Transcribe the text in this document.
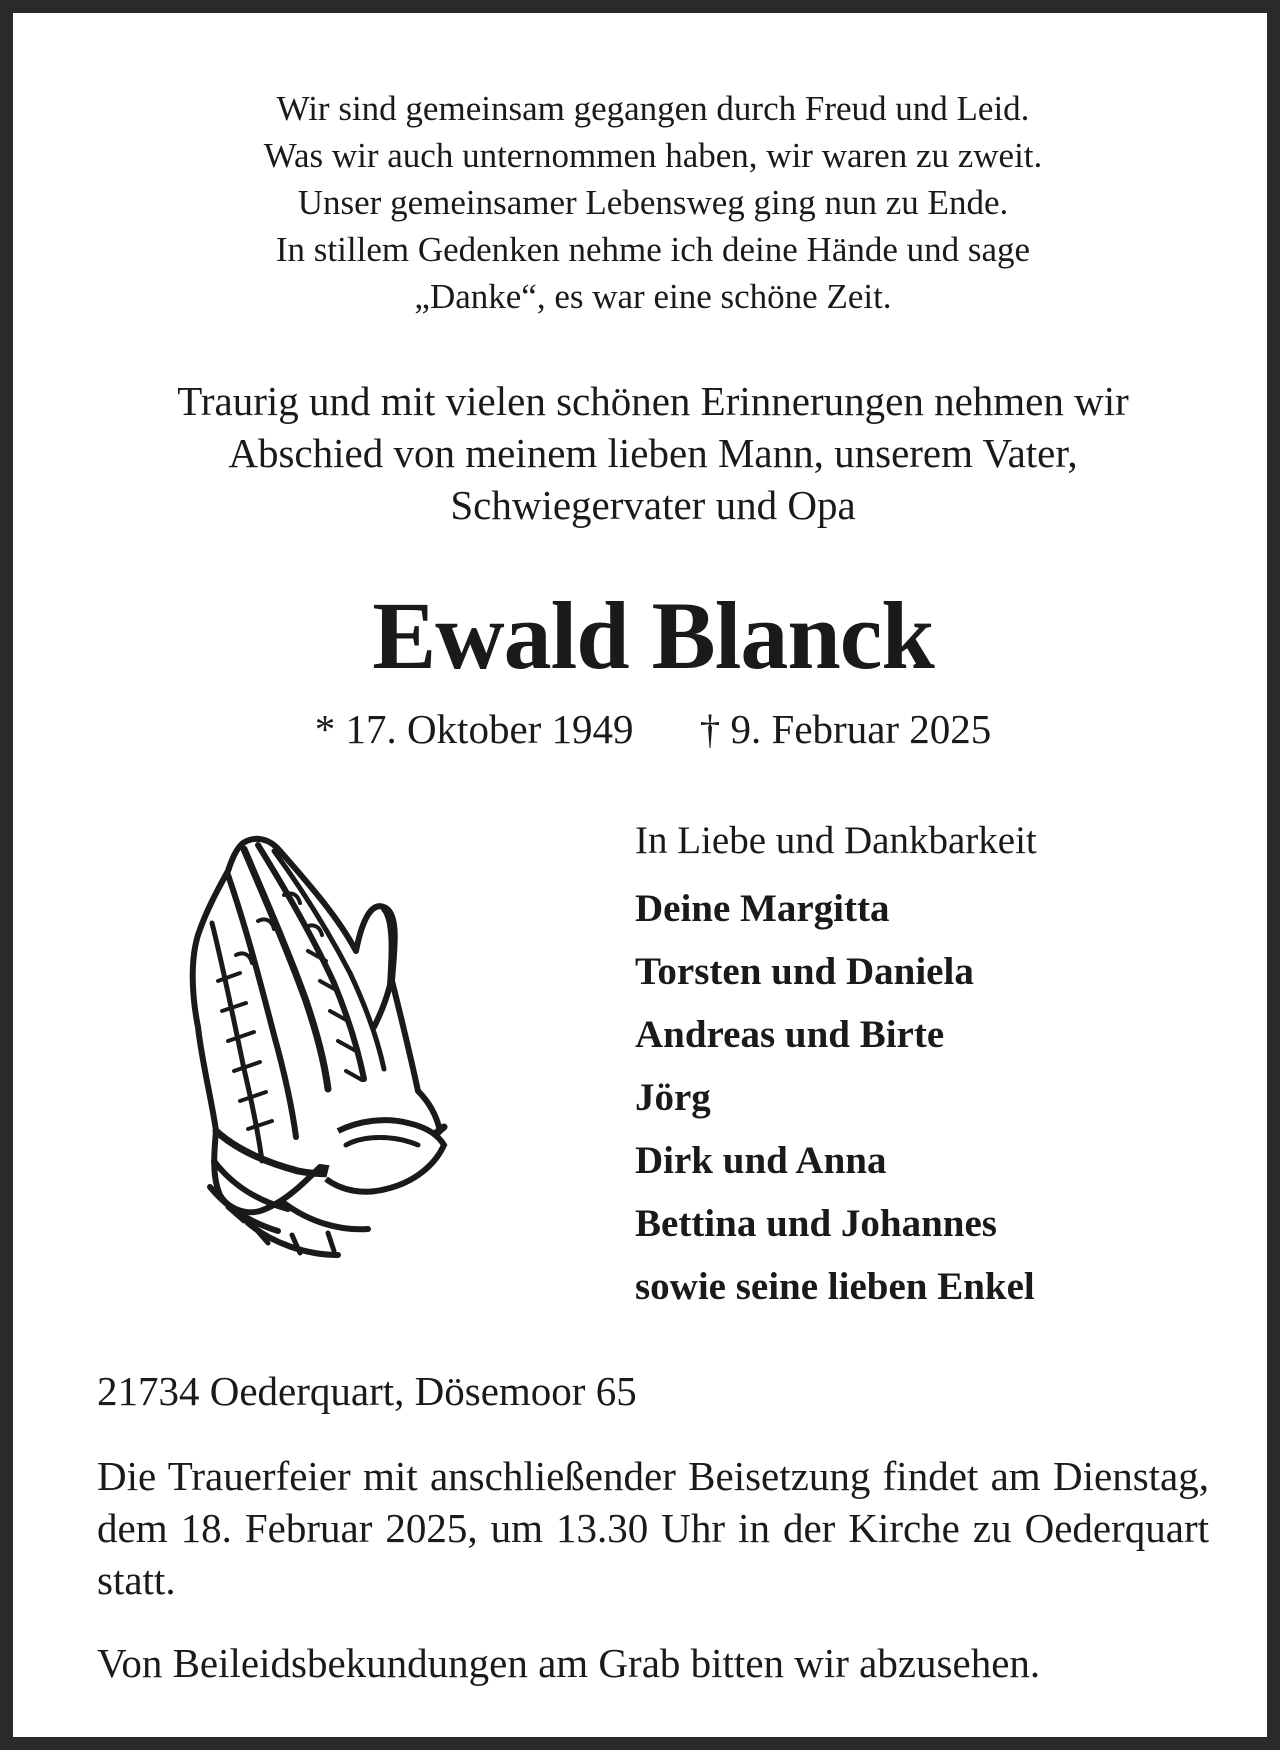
Wir sind gemeinsam gegangen durch Freud und Leid.
Was wir auch unternommen haben, wir waren zu zweit.
Unser gemeinsamer Lebensweg ging nun zu Ende.
In stillem Gedenken nehme ich deine Hände und sage
„Danke“, es war eine schöne Zeit.
Traurig und mit vielen schönen Erinnerungen nehmen wir
Abschied von meinem lieben Mann, unserem Vater,
Schwiegervater und Opa
Ewald Blanck
* 17. Oktober 1949 † 9. Februar 2025
In Liebe und Dankbarkeit
Deine Margitta
Torsten und Daniela
Andreas und Birte
Jörg
Dirk und Anna
Bettina und Johannes
sowie seine lieben Enkel
21734 Oederquart, Dösemoor 65
Die Trauerfeier mit anschließender Beisetzung findet am Dienstag, dem 18. Februar 2025, um 13.30 Uhr in der Kirche zu Oederquart statt.
Von Beileidsbekundungen am Grab bitten wir abzusehen.
